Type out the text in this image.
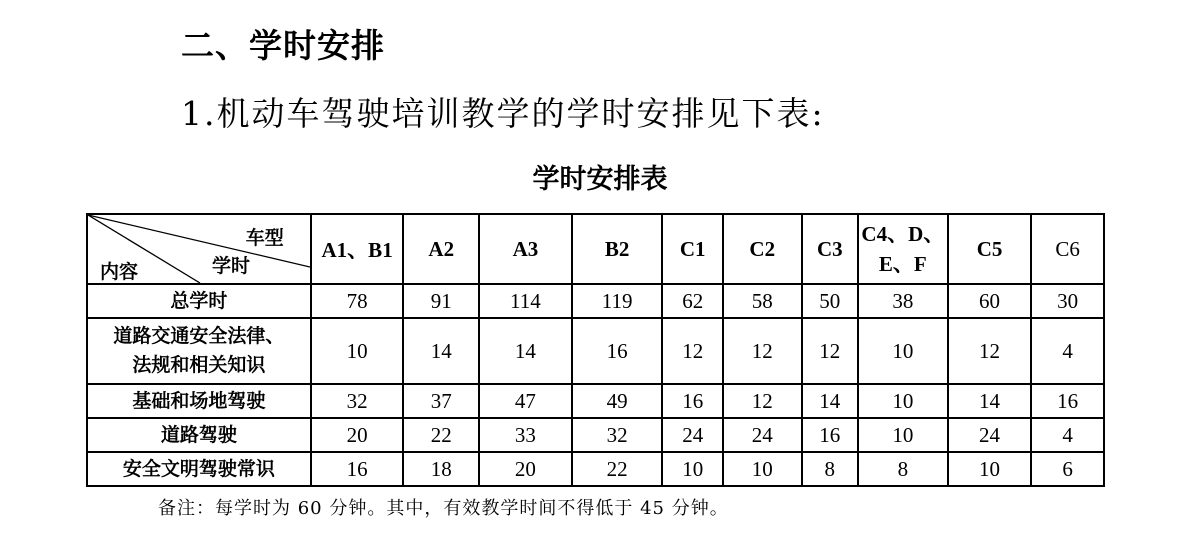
二、学时安排
1.机动车驾驶培训教学的学时安排见下表:
学时安排表
车型
学时
内容	A1、B1	A2	A3	B2	C1	C2	C3	C4、D、
E、F	C5	C6
总学时	78	91	114	119	62	58	50	38	60	30
道路交通安全法律、
法规和相关知识	10	14	14	16	12	12	12	10	12	4
基础和场地驾驶	32	37	47	49	16	12	14	10	14	16
道路驾驶	20	22	33	32	24	24	16	10	24	4
安全文明驾驶常识	16	18	20	22	10	10	8	8	10	6
备注：每学时为 60 分钟。其中，有效教学时间不得低于 45 分钟。
